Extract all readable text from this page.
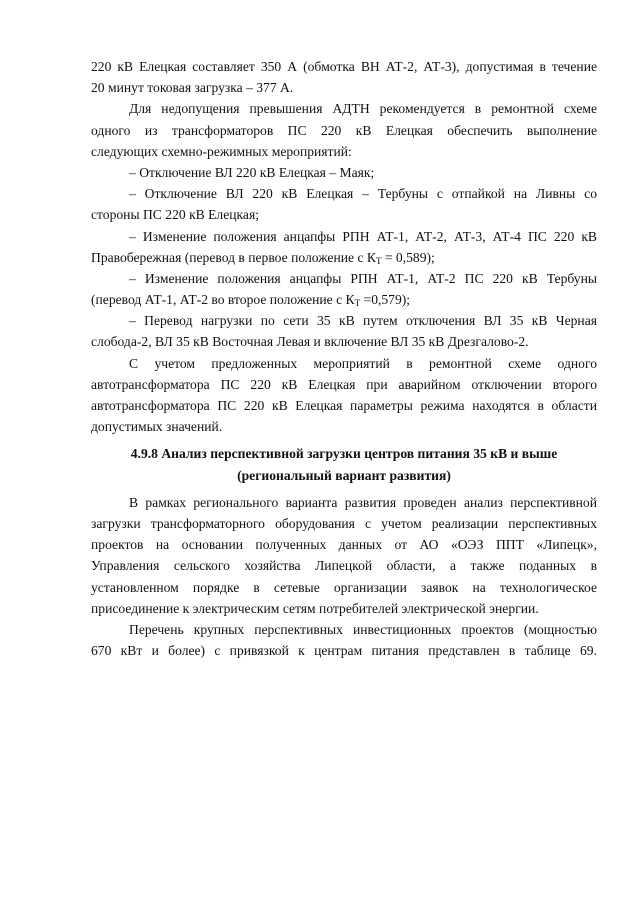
220 кВ Елецкая составляет 350 А (обмотка ВН АТ-2, АТ-3), допустимая в течение
20 минут токовая загрузка – 377 А.
Для недопущения превышения АДТН рекомендуется в ремонтной схеме
одного из трансформаторов ПС 220 кВ Елецкая обеспечить выполнение
следующих схемно-режимных мероприятий:
– Отключение ВЛ 220 кВ Елецкая – Маяк;
– Отключение ВЛ 220 кВ Елецкая – Тербуны с отпайкой на Ливны со
стороны ПС 220 кВ Елецкая;
– Изменение положения анцапфы РПН АТ-1, АТ-2, АТ-3, АТ-4 ПС 220 кВ
Правобережная (перевод в первое положение с $К_Т = 0,589$);
– Изменение положения анцапфы РПН АТ-1, АТ-2 ПС 220 кВ Тербуны
(перевод АТ-1, АТ-2 во второе положение с $К_Т =0,579$);
– Перевод нагрузки по сети 35 кВ путем отключения ВЛ 35 кВ Черная
слобода-2, ВЛ 35 кВ Восточная Левая и включение ВЛ 35 кВ Дрезгалово-2.
С учетом предложенных мероприятий в ремонтной схеме одного
автотрансформатора ПС 220 кВ Елецкая при аварийном отключении второго
автотрансформатора ПС 220 кВ Елецкая параметры режима находятся в области
допустимых значений.
4.9.8 Анализ перспективной загрузки центров питания 35 кВ и выше
(региональный вариант развития)
В рамках регионального варианта развития проведен анализ перспективной
загрузки трансформаторного оборудования с учетом реализации перспективных
проектов на основании полученных данных от АО «ОЭЗ ППТ «Липецк»,
Управления сельского хозяйства Липецкой области, а также поданных в
установленном порядке в сетевые организации заявок на технологическое
присоединение к электрическим сетям потребителей электрической энергии.
Перечень крупных перспективных инвестиционных проектов (мощностью
670 кВт и более) с привязкой к центрам питания представлен в таблице 69.
